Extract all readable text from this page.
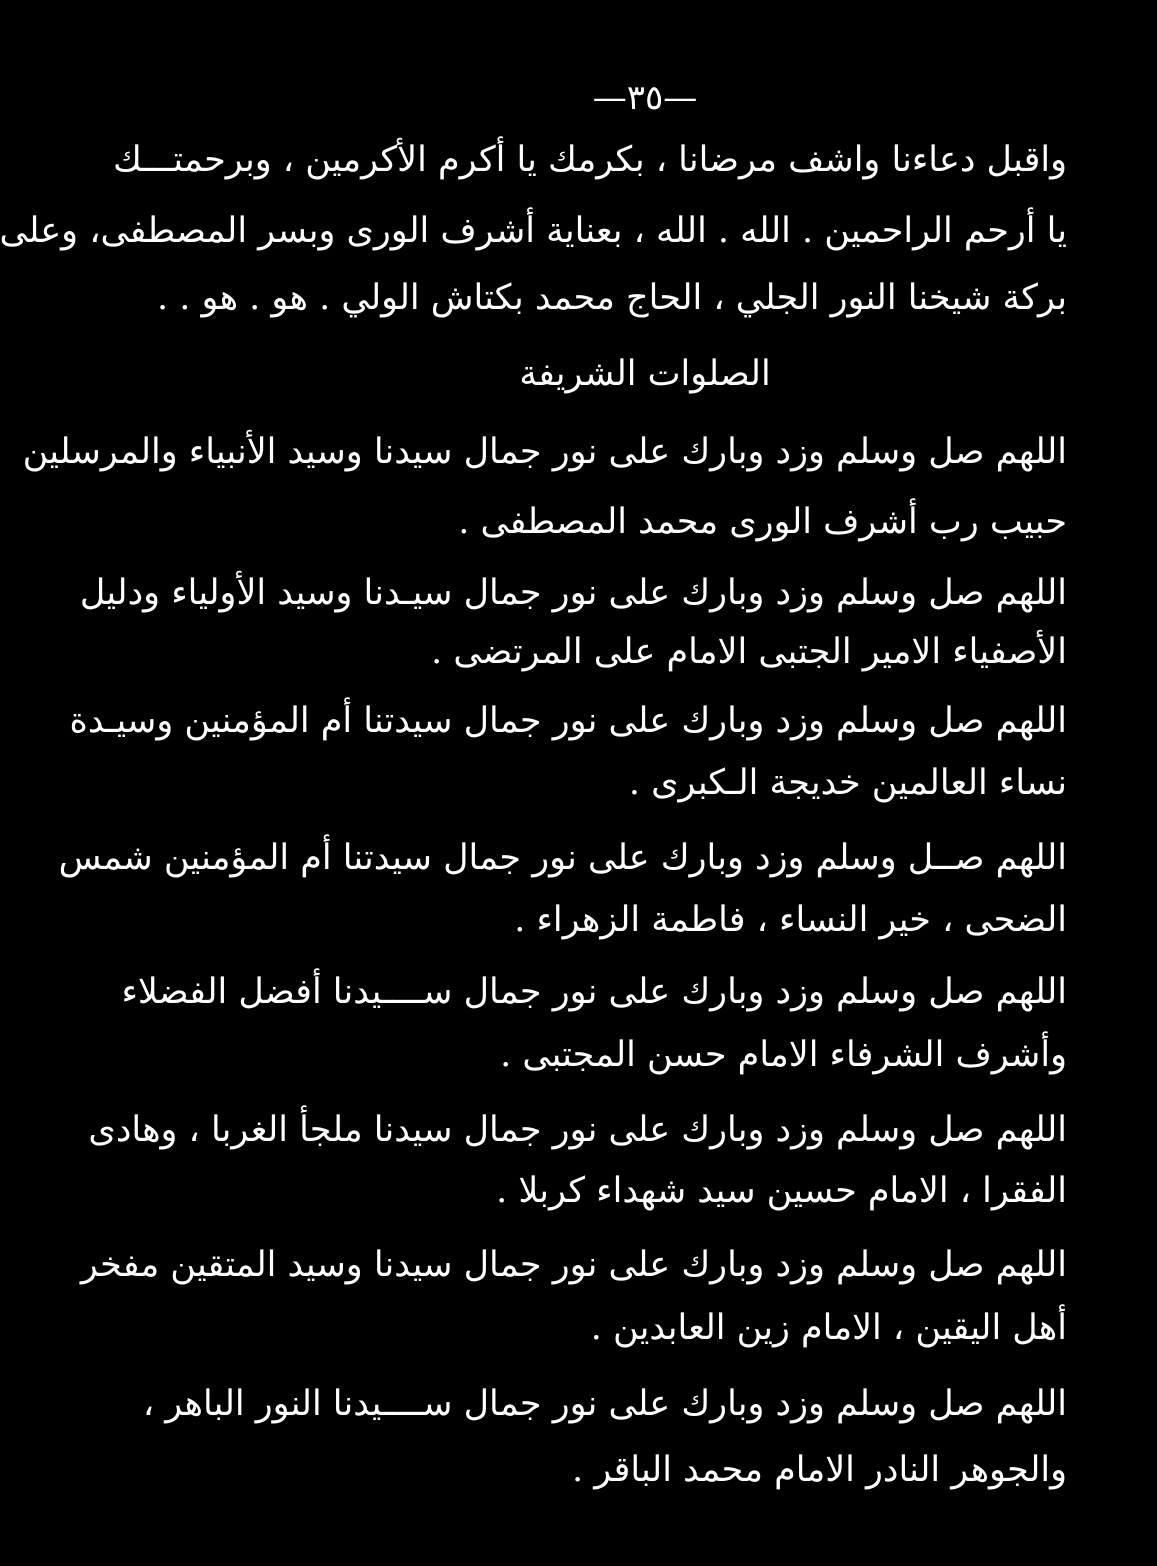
—٣٥—
واقبل دعاءنا واشف مرضانا ، بكرمك يا أكرم الأكرمين ، وبرحمتـــك
يا أرحم الراحمين . الله . الله ، بعناية أشرف الورى وبسر المصطفى، وعلى
بركة شيخنا النور الجلي ، الحاج محمد بكتاش الولي . هو . هو . .
الصلوات الشريفة
اللهم صل وسلم وزد وبارك على نور جمال سيدنا وسيد الأنبياء والمرسلين
حبيب رب أشرف الورى محمد المصطفى .
اللهم صل وسلم وزد وبارك على نور جمال سيـدنا وسيد الأولياء ودليل
الأصفياء الامير الجتبى الامام على المرتضى .
اللهم صل وسلم وزد وبارك على نور جمال سيدتنا أم المؤمنين وسيـدة
نساء العالمين خديجة الـكبرى .
اللهم صــل وسلم وزد وبارك على نور جمال سيدتنا أم المؤمنين شمس
الضحى ، خير النساء ، فاطمة الزهراء .
اللهم صل وسلم وزد وبارك على نور جمال ســــيدنا أفضل الفضلاء
وأشرف الشرفاء الامام حسن المجتبى .
اللهم صل وسلم وزد وبارك على نور جمال سيدنا ملجأ الغربا ، وهادى
الفقرا ، الامام حسين سيد شهداء كربلا .
اللهم صل وسلم وزد وبارك على نور جمال سيدنا وسيد المتقين مفخر
أهل اليقين ، الامام زين العابدين .
اللهم صل وسلم وزد وبارك على نور جمال ســــيدنا النور الباهر ،
والجوهر النادر الامام محمد الباقر .
